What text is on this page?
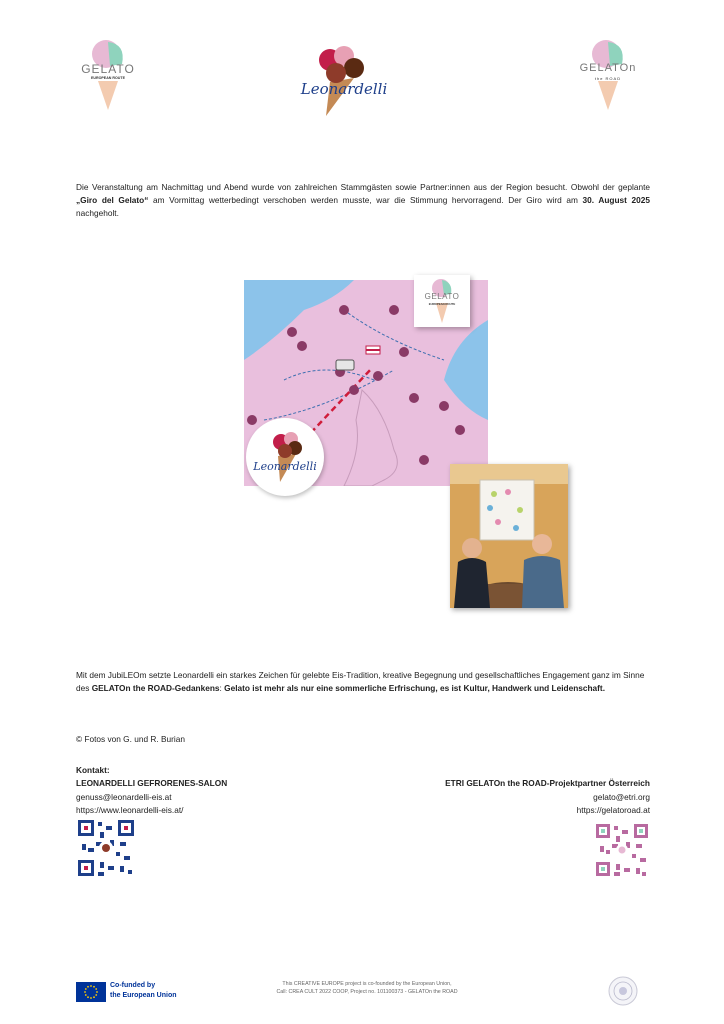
GELATO
EUROPEAN ROUTE
Leonardelli
GELATOn
the ROAD

Die Veranstaltung am Nachmittag und Abend wurde von zahlreichen Stammgästen sowie Partner:innen aus der Region besucht. Obwohl der geplante „Giro del Gelato“ am Vormittag wetterbedingt verschoben werden musste, war die Stimmung hervorragend. Der Giro wird am 30. August 2025 nachgeholt.

GELATO
EUROPEAN ROUTE
Leonardelli

Mit dem JubiLEOm setzte Leonardelli ein starkes Zeichen für gelebte Eis-Tradition, kreative Begegnung und gesellschaftliches Engagement ganz im Sinne des GELATOn the ROAD-Gedankens: Gelato ist mehr als nur eine sommerliche Erfrischung, es ist Kultur, Handwerk und Leidenschaft.

© Fotos von G. und R. Burian
Kontakt:
LEONARDELLI GEFRORENES-SALON
genuss@leonardelli-eis.at
https://www.leonardelli-eis.at/
ETRI GELATOn the ROAD-Projektpartner Österreich
gelato@etri.org
https://gelatoroad.at
Co-funded by
the European Union
This CREATIVE EUROPE project is co-founded by the European Union,
Call: CREA CULT 2022 COOP, Project no. 101100373 - GELATOn the ROAD
